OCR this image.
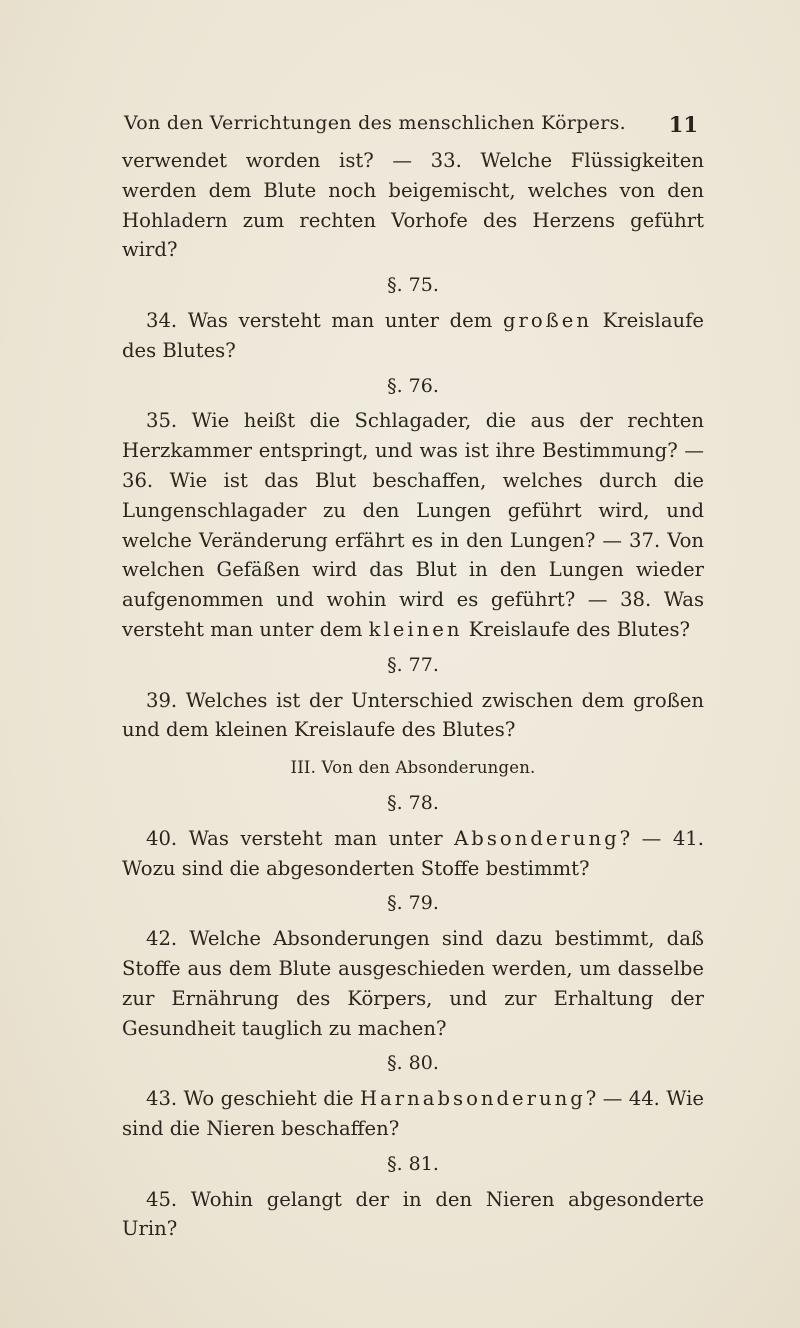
Von den Verrichtungen des menschlichen Körpers. 11

verwendet worden ist? — 33. Welche Flüssigkeiten werden dem Blute noch beigemischt, welches von den Hohladern zum rechten Vorhofe des Herzens geführt wird?

§. 75.

34. Was versteht man unter dem großen Kreislaufe des Blutes?

§. 76.

35. Wie heißt die Schlagader, die aus der rechten Herzkammer entspringt, und was ist ihre Bestimmung? — 36. Wie ist das Blut beschaffen, welches durch die Lungenschlagader zu den Lungen geführt wird, und welche Veränderung erfährt es in den Lungen? — 37. Von welchen Gefäßen wird das Blut in den Lungen wieder aufgenommen und wohin wird es geführt? — 38. Was versteht man unter dem kleinen Kreislaufe des Blutes?

§. 77.

39. Welches ist der Unterschied zwischen dem großen und dem kleinen Kreislaufe des Blutes?

III. Von den Absonderungen.
§. 78.

40. Was versteht man unter Absonderung? — 41. Wozu sind die abgesonderten Stoffe bestimmt?

§. 79.

42. Welche Absonderungen sind dazu bestimmt, daß Stoffe aus dem Blute ausgeschieden werden, um dasselbe zur Ernährung des Körpers, und zur Erhaltung der Gesundheit tauglich zu machen?

§. 80.

43. Wo geschieht die Harnabsonderung? — 44. Wie sind die Nieren beschaffen?

§. 81.

45. Wohin gelangt der in den Nieren abgesonderte Urin?
